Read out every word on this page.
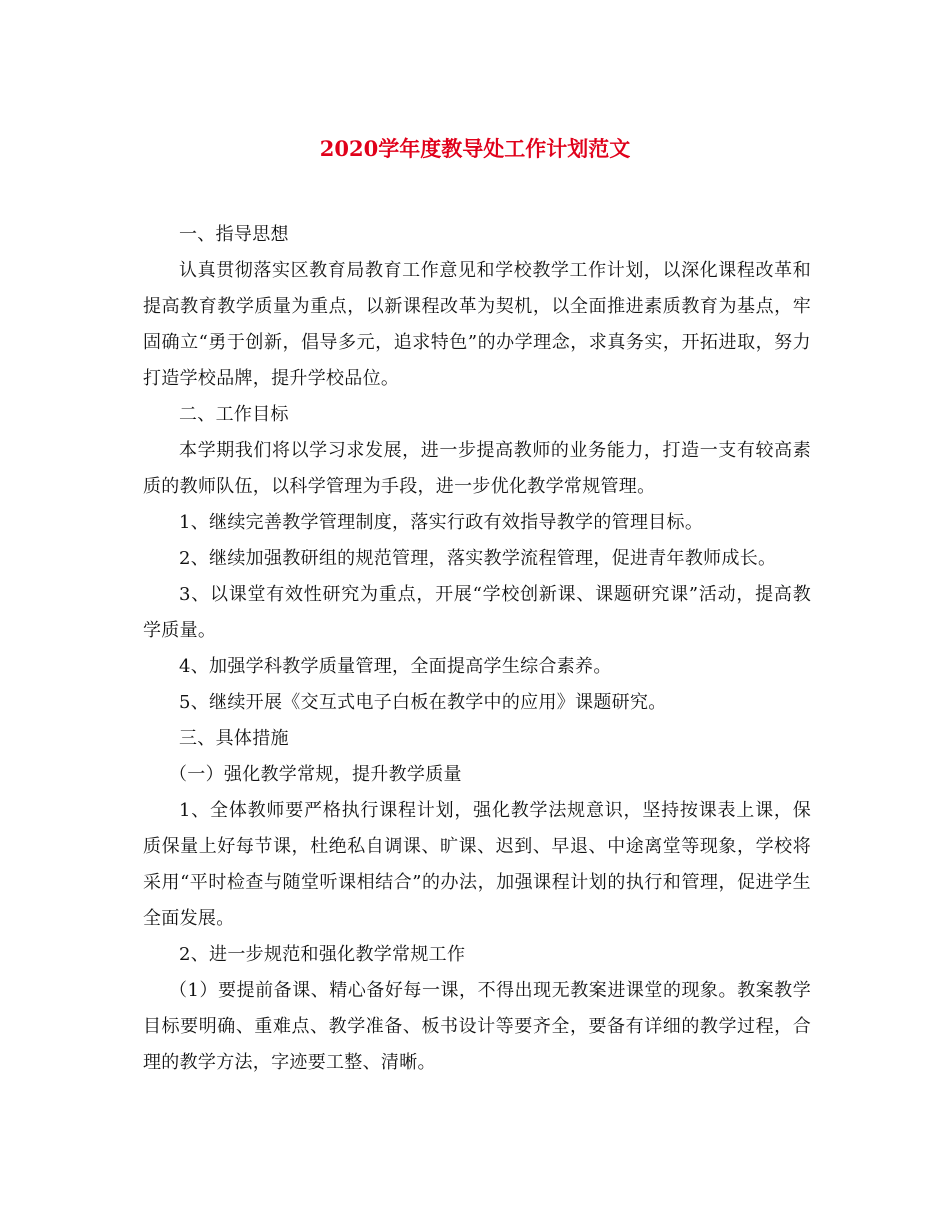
2020学年度教导处工作计划范文

一、指导思想

认真贯彻落实区教育局教育工作意见和学校教学工作计划，以深化课程改革和提高教育教学质量为重点，以新课程改革为契机，以全面推进素质教育为基点，牢固确立“勇于创新，倡导多元，追求特色”的办学理念，求真务实，开拓进取，努力打造学校品牌，提升学校品位。

二、工作目标

本学期我们将以学习求发展，进一步提高教师的业务能力，打造一支有较高素质的教师队伍，以科学管理为手段，进一步优化教学常规管理。

1、继续完善教学管理制度，落实行政有效指导教学的管理目标。

2、继续加强教研组的规范管理，落实教学流程管理，促进青年教师成长。

3、以课堂有效性研究为重点，开展“学校创新课、课题研究课”活动，提高教学质量。

4、加强学科教学质量管理，全面提高学生综合素养。

5、继续开展《交互式电子白板在教学中的应用》课题研究。

三、具体措施

（一）强化教学常规，提升教学质量

1、全体教师要严格执行课程计划，强化教学法规意识，坚持按课表上课，保质保量上好每节课，杜绝私自调课、旷课、迟到、早退、中途离堂等现象，学校将采用“平时检查与随堂听课相结合”的办法，加强课程计划的执行和管理，促进学生全面发展。

2、进一步规范和强化教学常规工作

（1）要提前备课、精心备好每一课，不得出现无教案进课堂的现象。教案教学目标要明确、重难点、教学准备、板书设计等要齐全，要备有详细的教学过程，合理的教学方法，字迹要工整、清晰。
